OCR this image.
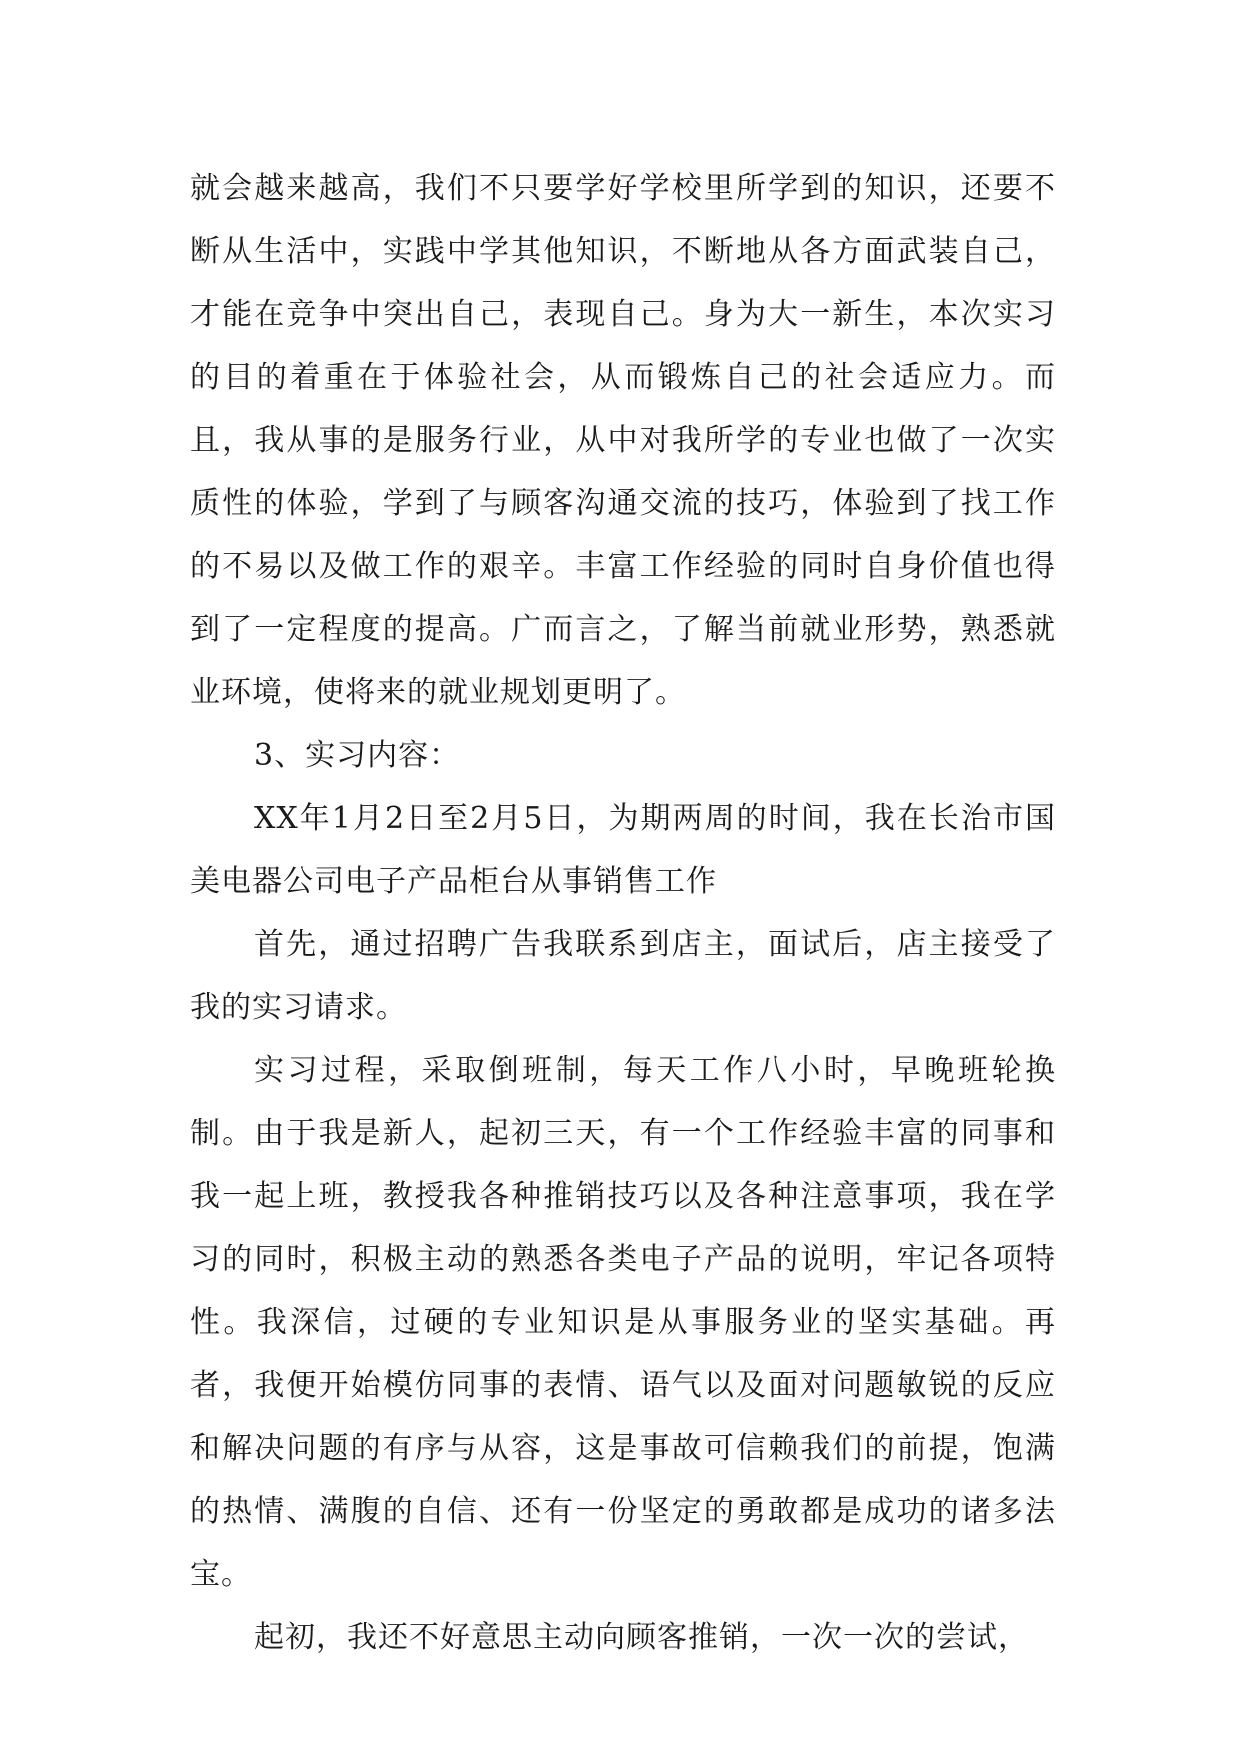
就会越来越高，我们不只要学好学校里所学到的知识，还要不断从生活中，实践中学其他知识，不断地从各方面武装自己，才能在竞争中突出自己，表现自己。身为大一新生，本次实习的目的着重在于体验社会，从而锻炼自己的社会适应力。而且，我从事的是服务行业，从中对我所学的专业也做了一次实质性的体验，学到了与顾客沟通交流的技巧，体验到了找工作的不易以及做工作的艰辛。丰富工作经验的同时自身价值也得到了一定程度的提高。广而言之，了解当前就业形势，熟悉就业环境，使将来的就业规划更明了。

3、实习内容：

XX年1月2日至2月5日，为期两周的时间，我在长治市国美电器公司电子产品柜台从事销售工作

首先，通过招聘广告我联系到店主，面试后，店主接受了我的实习请求。

实习过程，采取倒班制，每天工作八小时，早晚班轮换制。由于我是新人，起初三天，有一个工作经验丰富的同事和我一起上班，教授我各种推销技巧以及各种注意事项，我在学习的同时，积极主动的熟悉各类电子产品的说明，牢记各项特性。我深信，过硬的专业知识是从事服务业的坚实基础。再者，我便开始模仿同事的表情、语气以及面对问题敏锐的反应和解决问题的有序与从容，这是事故可信赖我们的前提，饱满的热情、满腹的自信、还有一份坚定的勇敢都是成功的诸多法宝。

起初，我还不好意思主动向顾客推销，一次一次的尝试，
